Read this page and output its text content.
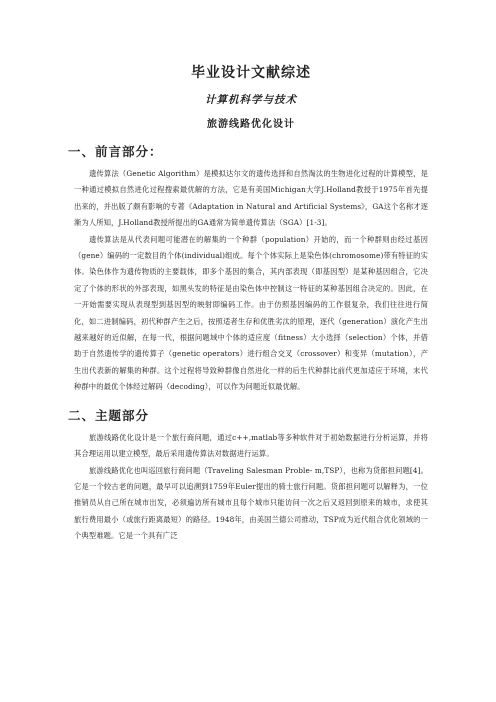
毕业设计文献综述
计算机科学与技术
旅游线路优化设计
一、前言部分：

遗传算法（Genetic Algorithm）是模拟达尔文的遗传选择和自然淘汰的生物进化过程的计算模型，是一种通过模拟自然进化过程搜索最优解的方法，它是有美国Michigan大学J.Holland教授于1975年首先提出来的，并出版了颇有影响的专著《Adaptation in Natural and Artificial Systems》，GA这个名称才逐渐为人所知，J.Holland教授所提出的GA通常为简单遗传算法（SGA）[1-3]。

遗传算法是从代表问题可能潜在的解集的一个种群（population）开始的，而一个种群则由经过基因（gene）编码的一定数目的个体(individual)组成。每个个体实际上是染色体(chromosome)带有特征的实体。染色体作为遗传物质的主要载体，即多个基因的集合，其内部表现（即基因型）是某种基因组合，它决定了个体的形状的外部表现，如黑头发的特征是由染色体中控制这一特征的某种基因组合决定的。因此，在一开始需要实现从表现型到基因型的映射即编码工作。由于仿照基因编码的工作很复杂，我们往往进行简化，如二进制编码，初代种群产生之后，按照适者生存和优胜劣汰的原理，逐代（generation）演化产生出越来越好的近似解，在每一代，根据问题域中个体的适应度（fitness）大小选择（selection）个体，并借助于自然遗传学的遗传算子（genetic operators）进行组合交叉（crossover）和变异（mutation），产生出代表新的解集的种群。这个过程将导致种群像自然进化一样的后生代种群比前代更加适应于环境，末代种群中的最优个体经过解码（decoding），可以作为问题近似最优解。

二、主题部分

旅游线路优化设计是一个旅行商问题，通过c++,matlab等多种软件对于初始数据进行分析运算，并将其合理运用以建立模型，最后采用遗传算法对数据进行运算。

旅游线路优化也叫巡回旅行商问题（Traveling Salesman Proble- m,TSP），也称为货郎担问题[4]。它是一个较古老的问题，最早可以追溯到1759年Euler提出的骑士旅行问题。货郎担问题可以解释为，一位推销员从自己所在城市出发，必须遍访所有城市且每个城市只能访问一次之后又返回到原来的城市，求使其旅行费用最小（或旅行距离最短）的路径。1948年，由美国兰德公司推动，TSP成为近代组合优化领域的一个典型难题。它是一个具有广泛
